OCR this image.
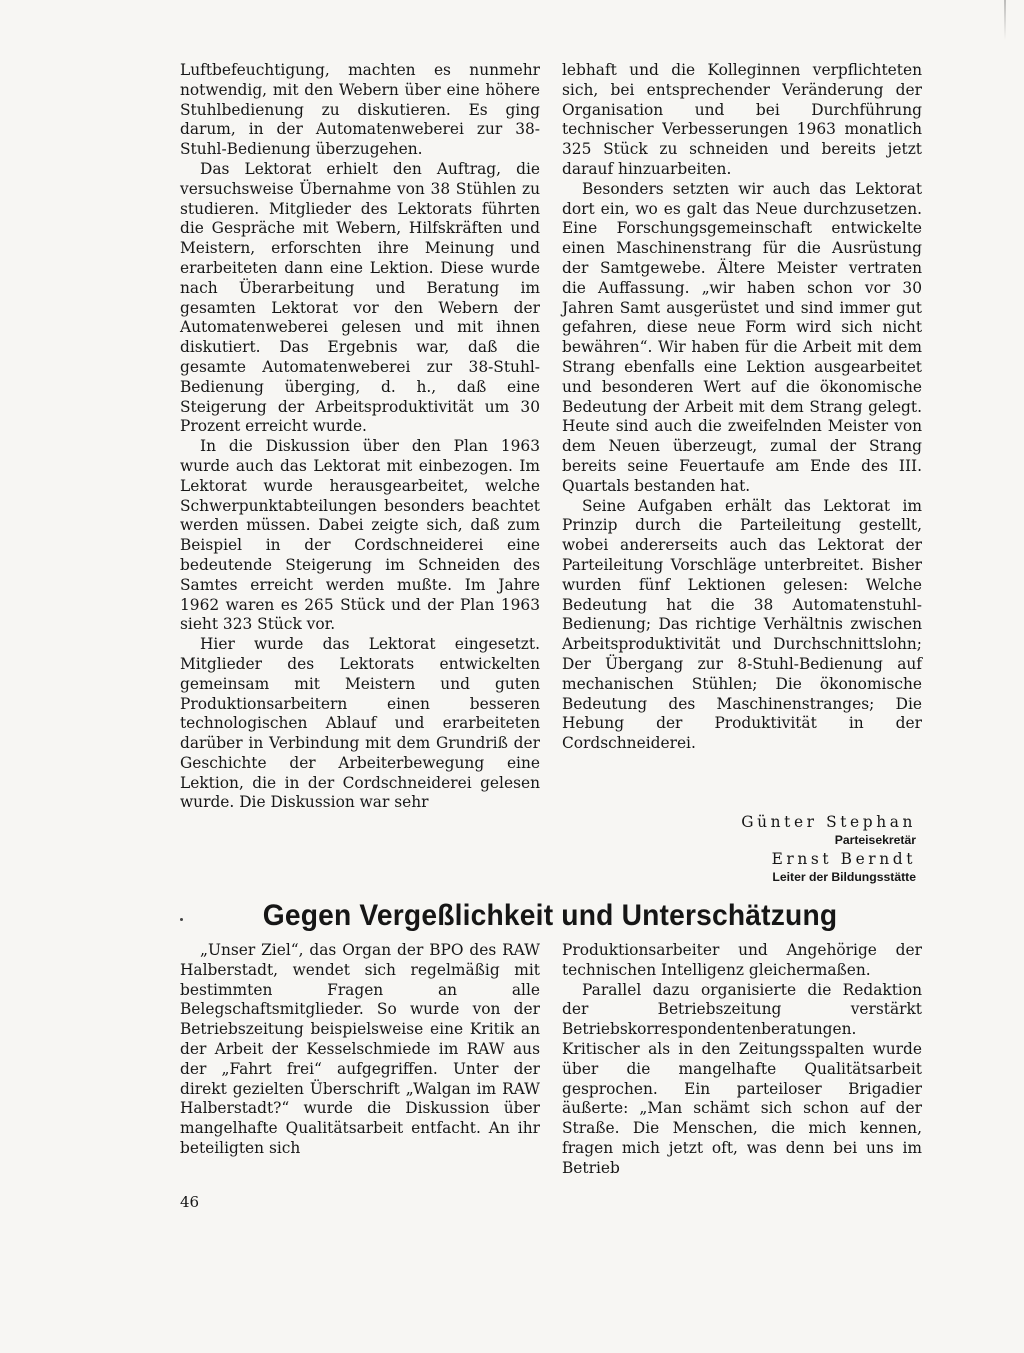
Luftbefeuchtigung, machten es nunmehr notwendig, mit den Webern über eine höhere Stuhlbedienung zu diskutieren. Es ging darum, in der Automatenweberei zur 38-Stuhl-Bedienung überzugehen.

Das Lektorat erhielt den Auftrag, die versuchsweise Übernahme von 38 Stühlen zu studieren. Mitglieder des Lektorats führten die Gespräche mit Webern, Hilfskräften und Meistern, erforschten ihre Meinung und erarbeiteten dann eine Lektion. Diese wurde nach Überarbeitung und Beratung im gesamten Lektorat vor den Webern der Automatenweberei gelesen und mit ihnen diskutiert. Das Ergebnis war, daß die gesamte Automatenweberei zur 38-Stuhl-Bedienung überging, d. h., daß eine Steigerung der Arbeitsproduktivität um 30 Prozent erreicht wurde.

In die Diskussion über den Plan 1963 wurde auch das Lektorat mit einbezogen. Im Lektorat wurde herausgearbeitet, welche Schwerpunktabteilungen besonders beachtet werden müssen. Dabei zeigte sich, daß zum Beispiel in der Cordschneiderei eine bedeutende Steigerung im Schneiden des Samtes erreicht werden mußte. Im Jahre 1962 waren es 265 Stück und der Plan 1963 sieht 323 Stück vor.

Hier wurde das Lektorat eingesetzt. Mitglieder des Lektorats entwickelten gemeinsam mit Meistern und guten Produktionsarbeitern einen besseren technologischen Ablauf und erarbeiteten darüber in Verbindung mit dem Grundriß der Geschichte der Arbeiterbewegung eine Lektion, die in der Cordschneiderei gelesen wurde. Die Diskussion war sehr

lebhaft und die Kolleginnen verpflichteten sich, bei entsprechender Veränderung der Organisation und bei Durchführung technischer Verbesserungen 1963 monatlich 325 Stück zu schneiden und bereits jetzt darauf hinzuarbeiten.

Besonders setzten wir auch das Lektorat dort ein, wo es galt das Neue durchzusetzen. Eine Forschungsgemeinschaft entwickelte einen Maschinenstrang für die Ausrüstung der Samtgewebe. Ältere Meister vertraten die Auffassung. „wir haben schon vor 30 Jahren Samt ausgerüstet und sind immer gut gefahren, diese neue Form wird sich nicht bewähren“. Wir haben für die Arbeit mit dem Strang ebenfalls eine Lektion ausgearbeitet und besonderen Wert auf die ökonomische Bedeutung der Arbeit mit dem Strang gelegt. Heute sind auch die zweifelnden Meister von dem Neuen überzeugt, zumal der Strang bereits seine Feuertaufe am Ende des III. Quartals bestanden hat.

Seine Aufgaben erhält das Lektorat im Prinzip durch die Parteileitung gestellt, wobei andererseits auch das Lektorat der Parteileitung Vorschläge unterbreitet. Bisher wurden fünf Lektionen gelesen: Welche Bedeutung hat die 38 Automatenstuhl-Bedienung; Das richtige Verhältnis zwischen Arbeitsproduktivität und Durchschnittslohn; Der Übergang zur 8-Stuhl-Bedienung auf mechanischen Stühlen; Die ökonomische Bedeutung des Maschinenstranges; Die Hebung der Produktivität in der Cordschneiderei.

Günter Stephan
Parteisekretär
Ernst Berndt
Leiter der Bildungsstätte
Gegen Vergeßlichkeit und Unterschätzung

„Unser Ziel“, das Organ der BPO des RAW Halberstadt, wendet sich regelmäßig mit bestimmten Fragen an alle Belegschaftsmitglieder. So wurde von der Betriebszeitung beispielsweise eine Kritik an der Arbeit der Kesselschmiede im RAW aus der „Fahrt frei“ aufgegriffen. Unter der direkt gezielten Überschrift „Walgan im RAW Halberstadt?“ wurde die Diskussion über mangelhafte Qualitätsarbeit entfacht. An ihr beteiligten sich

Produktionsarbeiter und Angehörige der technischen Intelligenz gleichermaßen.

Parallel dazu organisierte die Redaktion der Betriebszeitung verstärkt Betriebskorrespondentenberatungen. Kritischer als in den Zeitungsspalten wurde über die mangelhafte Qualitätsarbeit gesprochen. Ein parteiloser Brigadier äußerte: „Man schämt sich schon auf der Straße. Die Menschen, die mich kennen, fragen mich jetzt oft, was denn bei uns im Betrieb

46
